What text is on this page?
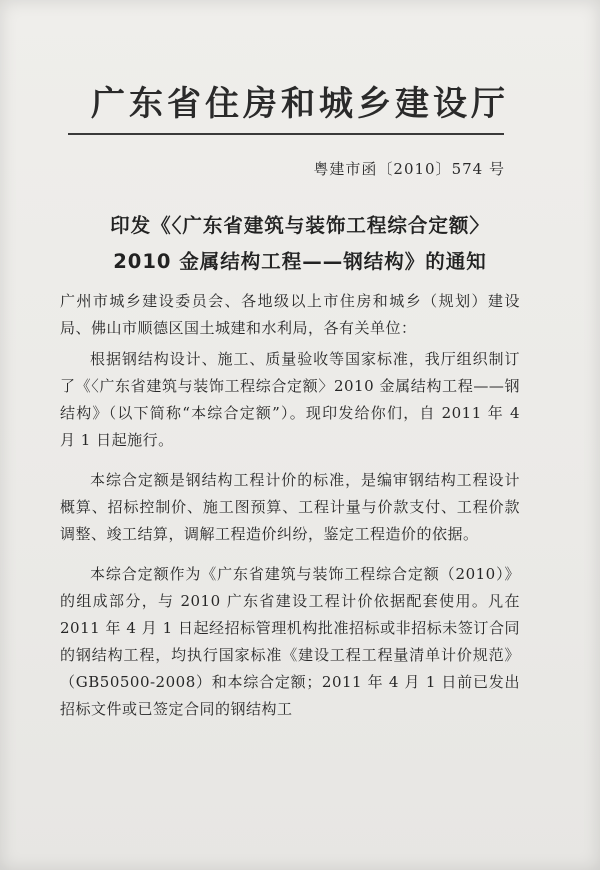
广东省住房和城乡建设厅
粤建市函〔2010〕574 号
印发《〈广东省建筑与装饰工程综合定额〉
2010 金属结构工程——钢结构》的通知

广州市城乡建设委员会、各地级以上市住房和城乡（规划）建设局、佛山市顺德区国土城建和水利局，各有关单位：

根据钢结构设计、施工、质量验收等国家标准，我厅组织制订了《〈广东省建筑与装饰工程综合定额〉2010 金属结构工程——钢结构》（以下简称“本综合定额”）。现印发给你们，自 2011 年 4 月 1 日起施行。

本综合定额是钢结构工程计价的标准，是编审钢结构工程设计概算、招标控制价、施工图预算、工程计量与价款支付、工程价款调整、竣工结算，调解工程造价纠纷，鉴定工程造价的依据。

本综合定额作为《广东省建筑与装饰工程综合定额（2010）》的组成部分，与 2010 广东省建设工程计价依据配套使用。凡在 2011 年 4 月 1 日起经招标管理机构批准招标或非招标未签订合同的钢结构工程，均执行国家标准《建设工程工程量清单计价规范》（GB50500-2008）和本综合定额；2011 年 4 月 1 日前已发出招标文件或已签定合同的钢结构工
